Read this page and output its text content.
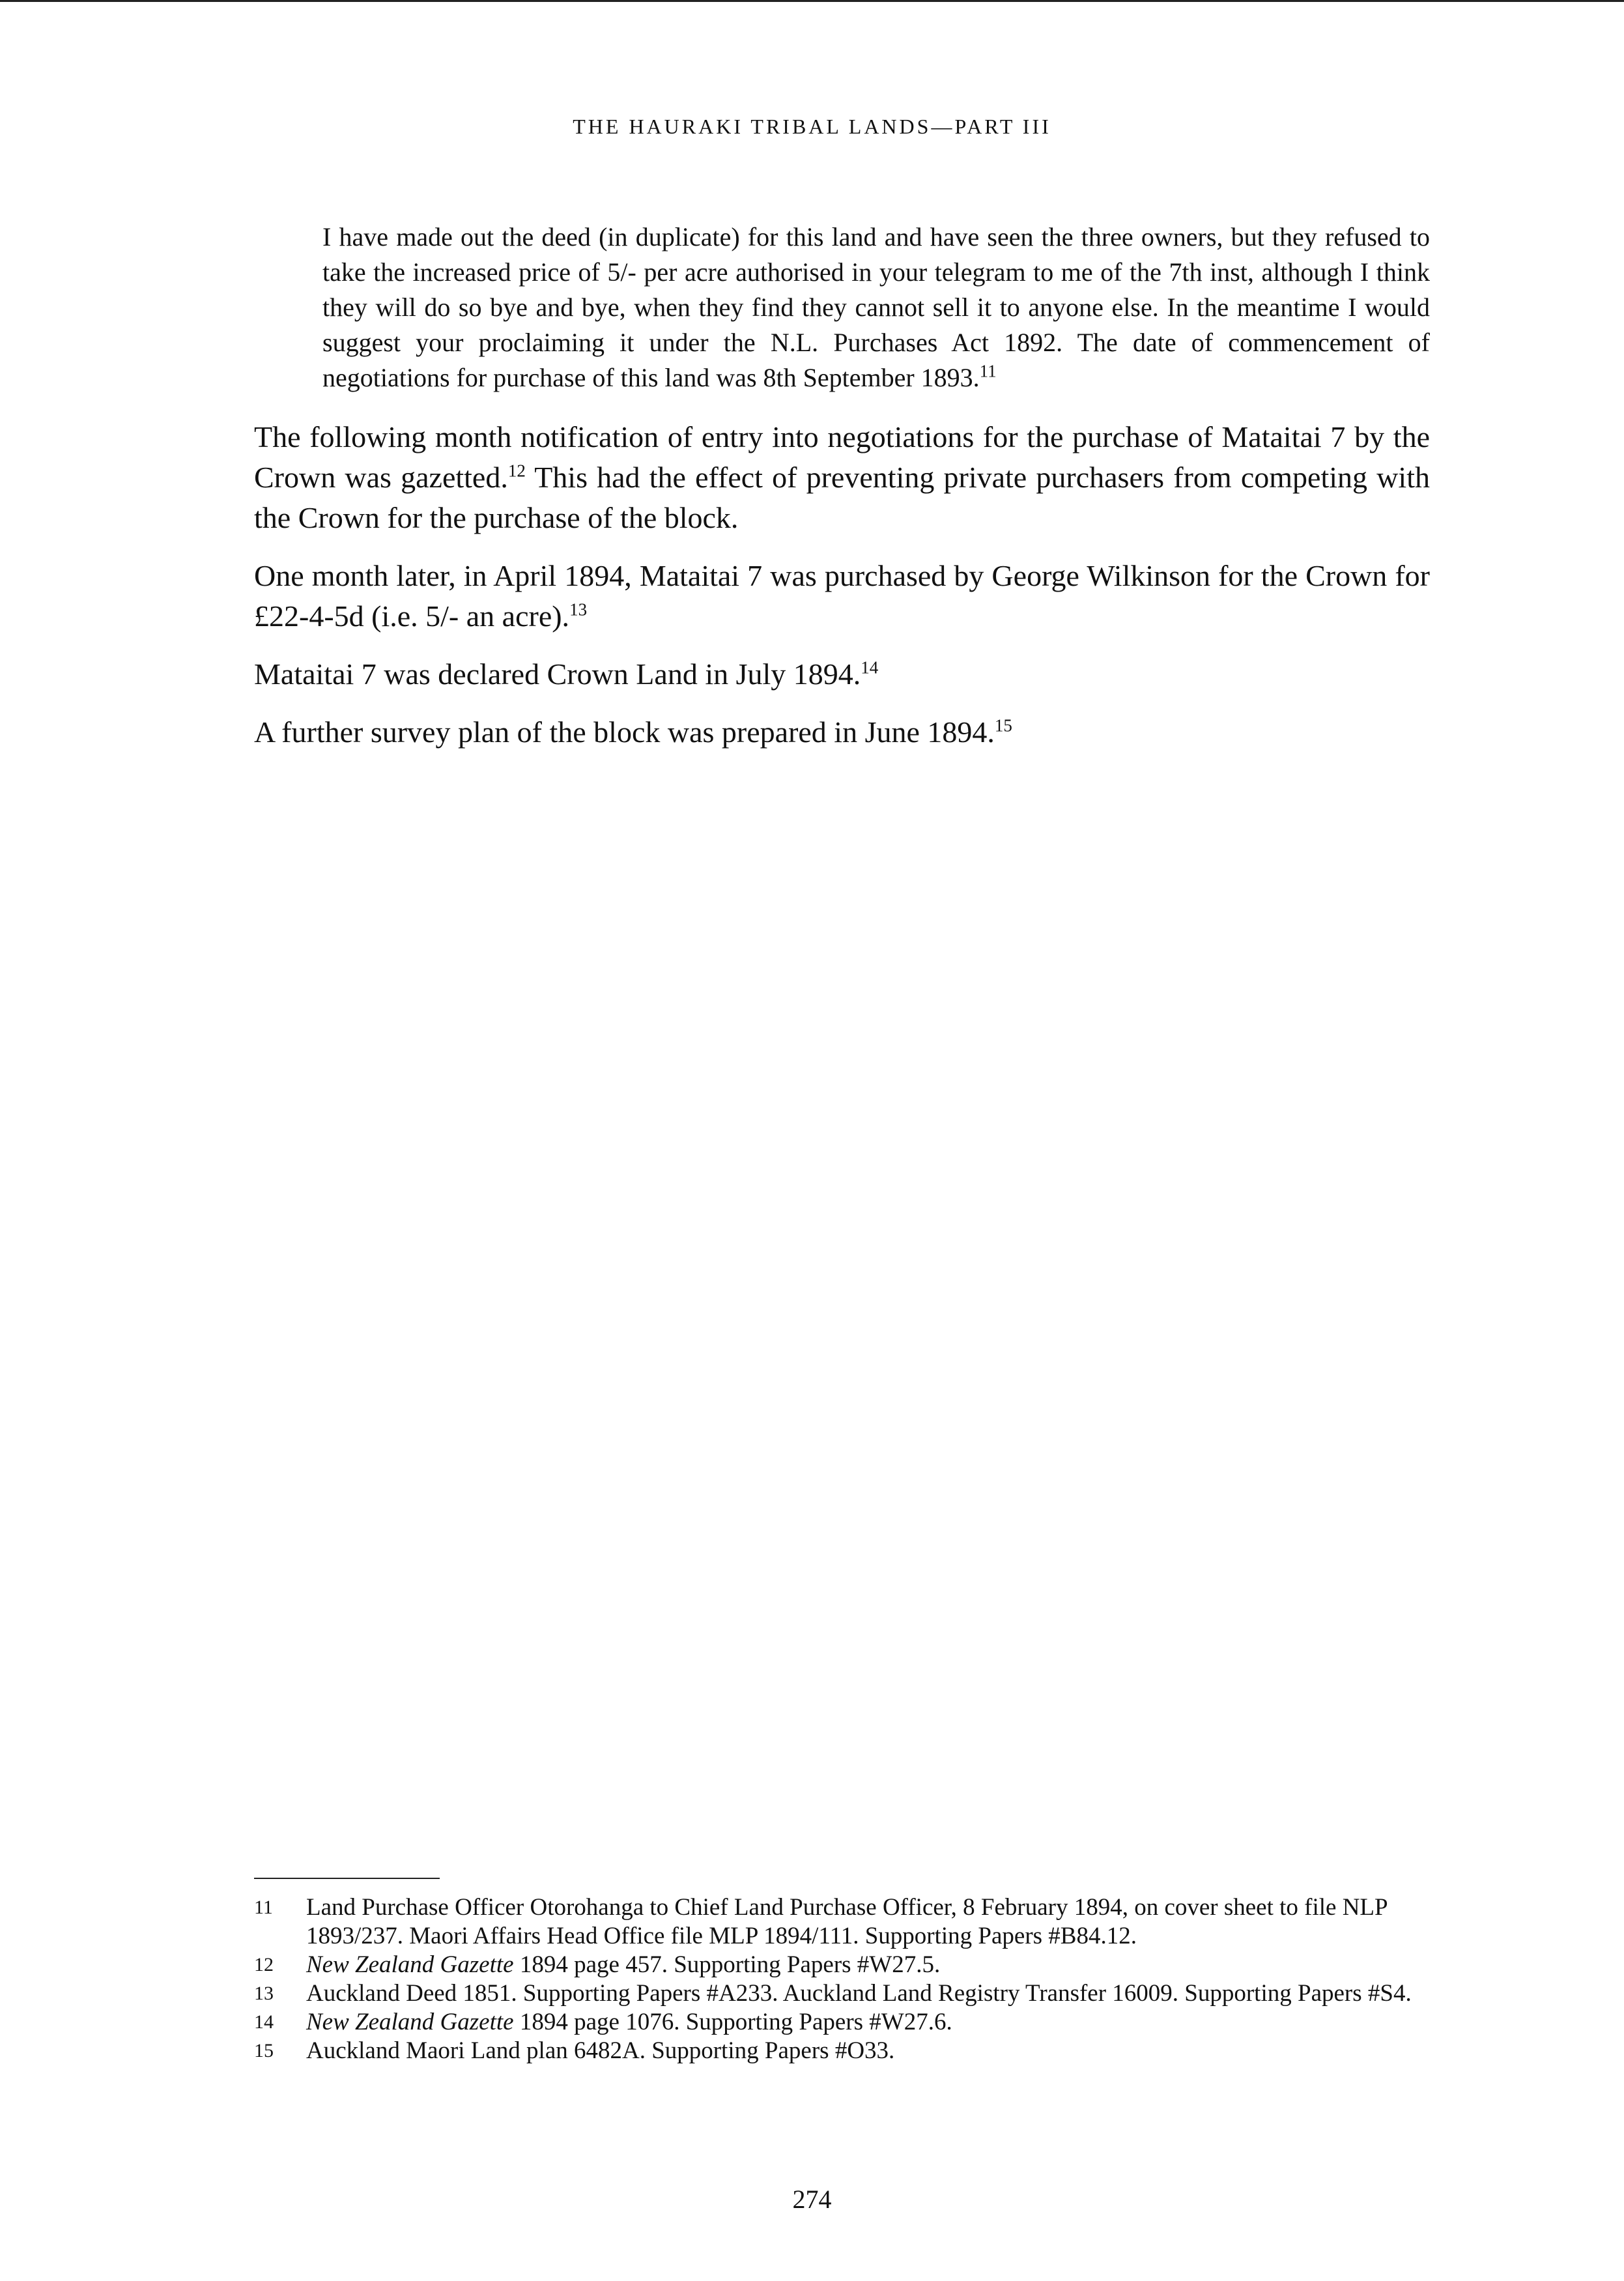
THE HAURAKI TRIBAL LANDS—PART III

I have made out the deed (in duplicate) for this land and have seen the three owners, but they refused to take the increased price of 5/- per acre authorised in your telegram to me of the 7th inst, although I think they will do so bye and bye, when they find they cannot sell it to anyone else. In the meantime I would suggest your proclaiming it under the N.L. Purchases Act 1892. The date of commencement of negotiations for purchase of this land was 8th September 1893.11

The following month notification of entry into negotiations for the purchase of Mataitai 7 by the Crown was gazetted.$^{12}$ This had the effect of preventing private purchasers from competing with the Crown for the purchase of the block.

One month later, in April 1894, Mataitai 7 was purchased by George Wilkinson for the Crown for £22-4-5d (i.e. 5/- an acre).$^{13}$

Mataitai 7 was declared Crown Land in July 1894.14

A further survey plan of the block was prepared in June 1894.15

11	Land Purchase Officer Otorohanga to Chief Land Purchase Officer, 8 February 1894, on cover sheet to file NLP 1893/237. Maori Affairs Head Office file MLP 1894/111. Supporting Papers #B84.12.
12	New Zealand Gazette 1894 page 457. Supporting Papers #W27.5.
13	Auckland Deed 1851. Supporting Papers #A233. Auckland Land Registry Transfer 16009. Supporting Papers #S4.
14	New Zealand Gazette 1894 page 1076. Supporting Papers #W27.6.
15	Auckland Maori Land plan 6482A. Supporting Papers #O33.
274
